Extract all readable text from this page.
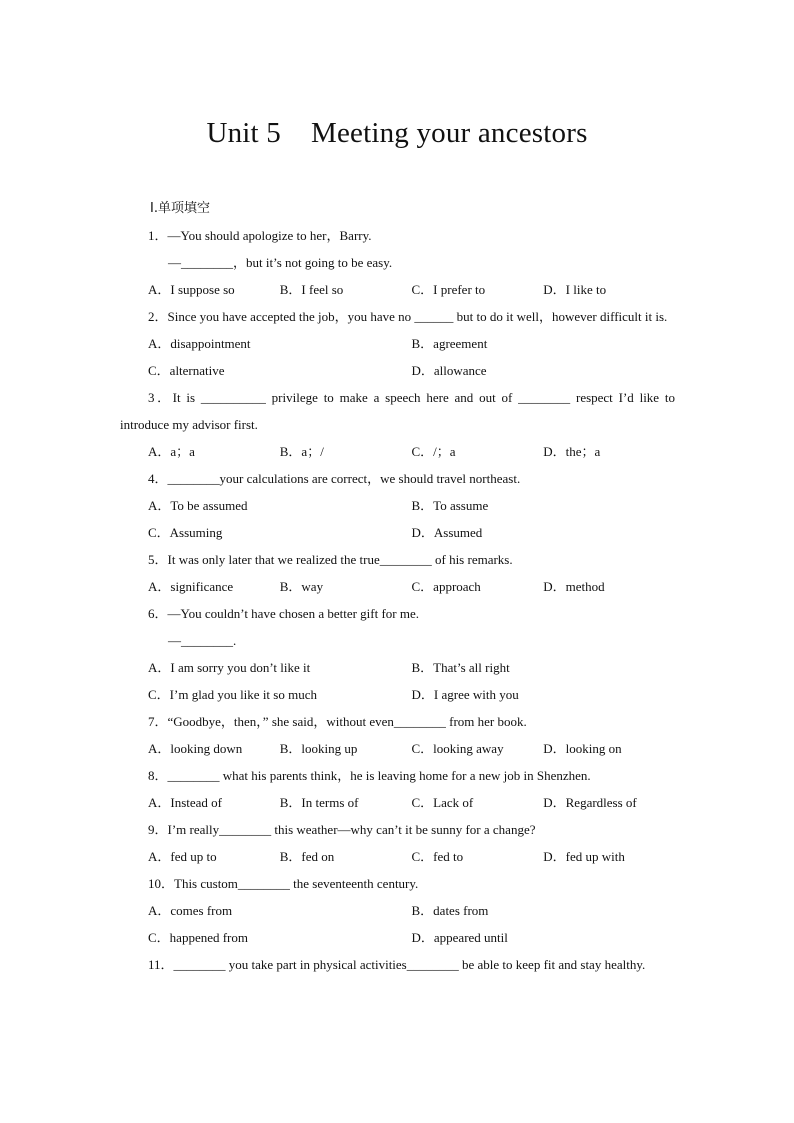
Unit 5 Meeting your ancestors
Ⅰ.单项填空

1．—You should apologize to her，Barry.

—________，but it’s not going to be easy.

A．I suppose so	B．I feel so	C．I prefer to	D．I like to

2．Since you have accepted the job，you have no ______ but to do it well，however difficult it is.

A．disappointment	B．agreement
C．alternative	D．allowance

3．It is __________ privilege to make a speech here and out of ________ respect I’d like to introduce my advisor first.

A．a；a	B．a；/	C．/；a	D．the；a

4．________your calculations are correct，we should travel northeast.

A．To be assumed	B．To assume
C．Assuming	D．Assumed

5．It was only later that we realized the true________ of his remarks.

A．significance	B．way	C．approach	D．method

6．—You couldn’t have chosen a better gift for me.

—________.

A．I am sorry you don’t like it	B．That’s all right
C．I’m glad you like it so much	D．I agree with you

7．“Goodbye，then，” she said，without even________ from her book.

A．looking down	B．looking up	C．looking away	D．looking on

8．________ what his parents think，he is leaving home for a new job in Shenzhen.

A．Instead of	B．In terms of	C．Lack of	D．Regardless of

9．I’m really________ this weather—why can’t it be sunny for a change?

A．fed up to	B．fed on	C．fed to	D．fed up with

10．This custom________ the seventeenth century.

A．comes from	B．dates from
C．happened from	D．appeared until

11．________ you take part in physical activities________ be able to keep fit and stay healthy.
